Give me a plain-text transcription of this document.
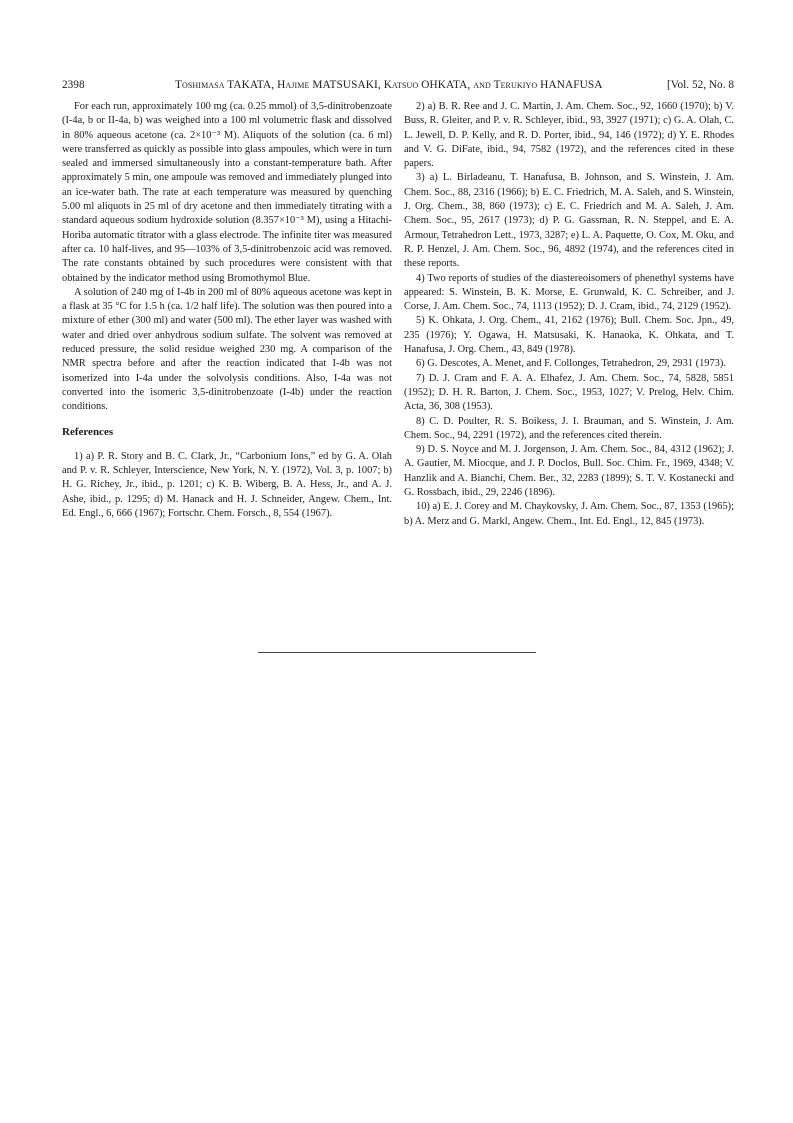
2398	Toshimasa TAKATA, Hajime MATSUSAKI, Katsuo OHKATA, and Terukiyo HANAFUSA	[Vol. 52, No. 8

For each run, approximately 100 mg (ca. 0.25 mmol) of 3,5-dinitrobenzoate (I-4a, b or II-4a, b) was weighed into a 100 ml volumetric flask and dissolved in 80% aqueous acetone (ca. 2×10⁻³ M). Aliquots of the solution (ca. 6 ml) were transferred as quickly as possible into glass ampoules, which were in turn sealed and immersed simultaneously into a constant-temperature bath. After approximately 5 min, one ampoule was removed and immediately plunged into an ice-water bath. The rate at each temperature was measured by quenching 5.00 ml aliquots in 25 ml of dry acetone and then immediately titrating with a standard aqueous sodium hydroxide solution (8.357×10⁻³ M), using a Hitachi-Horiba automatic titrator with a glass electrode. The infinite titer was measured after ca. 10 half-lives, and 95—103% of 3,5-dinitrobenzoic acid was removed. The rate constants obtained by such procedures were consistent with that obtained by the indicator method using Bromothymol Blue.

A solution of 240 mg of I-4b in 200 ml of 80% aqueous acetone was kept in a flask at 35 °C for 1.5 h (ca. 1/2 half life). The solution was then poured into a mixture of ether (300 ml) and water (500 ml). The ether layer was washed with water and dried over anhydrous sodium sulfate. The solvent was removed at reduced pressure, the solid residue weighed 230 mg. A comparison of the NMR spectra before and after the reaction indicated that I-4b was not isomerized into I-4a under the solvolysis conditions. Also, I-4a was not converted into the isomeric 3,5-dinitrobenzoate (I-4b) under the reaction conditions.

References

1) a) P. R. Story and B. C. Clark, Jr., “Carbonium Ions,” ed by G. A. Olah and P. v. R. Schleyer, Interscience, New York, N. Y. (1972), Vol. 3, p. 1007; b) H. G. Richey, Jr., ibid., p. 1201; c) K. B. Wiberg, B. A. Hess, Jr., and A. J. Ashe, ibid., p. 1295; d) M. Hanack and H. J. Schneider, Angew. Chem., Int. Ed. Engl., 6, 666 (1967); Fortschr. Chem. Forsch., 8, 554 (1967).

2) a) B. R. Ree and J. C. Martin, J. Am. Chem. Soc., 92, 1660 (1970); b) V. Buss, R. Gleiter, and P. v. R. Schleyer, ibid., 93, 3927 (1971); c) G. A. Olah, C. L. Jewell, D. P. Kelly, and R. D. Porter, ibid., 94, 146 (1972); d) Y. E. Rhodes and V. G. DiFate, ibid., 94, 7582 (1972), and the references cited in these papers.

3) a) L. Birladeanu, T. Hanafusa, B. Johnson, and S. Winstein, J. Am. Chem. Soc., 88, 2316 (1966); b) E. C. Friedrich, M. A. Saleh, and S. Winstein, J. Org. Chem., 38, 860 (1973); c) E. C. Friedrich and M. A. Saleh, J. Am. Chem. Soc., 95, 2617 (1973); d) P. G. Gassman, R. N. Steppel, and E. A. Armour, Tetrahedron Lett., 1973, 3287; e) L. A. Paquette, O. Cox, M. Oku, and R. P. Henzel, J. Am. Chem. Soc., 96, 4892 (1974), and the references cited in these reports.

4) Two reports of studies of the diastereoisomers of phenethyl systems have appeared: S. Winstein, B. K. Morse, E. Grunwald, K. C. Schreiber, and J. Corse, J. Am. Chem. Soc., 74, 1113 (1952); D. J. Cram, ibid., 74, 2129 (1952).

5) K. Ohkata, J. Org. Chem., 41, 2162 (1976); Bull. Chem. Soc. Jpn., 49, 235 (1976); Y. Ogawa, H. Matsusaki, K. Hanaoka, K. Ohkata, and T. Hanafusa, J. Org. Chem., 43, 849 (1978).

6) G. Descotes, A. Menet, and F. Collonges, Tetrahedron, 29, 2931 (1973).

7) D. J. Cram and F. A. A. Elhafez, J. Am. Chem. Soc., 74, 5828, 5851 (1952); D. H. R. Barton, J. Chem. Soc., 1953, 1027; V. Prelog, Helv. Chim. Acta, 36, 308 (1953).

8) C. D. Poulter, R. S. Boikess, J. I. Brauman, and S. Winstein, J. Am. Chem. Soc., 94, 2291 (1972), and the references cited therein.

9) D. S. Noyce and M. J. Jorgenson, J. Am. Chem. Soc., 84, 4312 (1962); J. A. Gautier, M. Miocque, and J. P. Doclos, Bull. Soc. Chim. Fr., 1969, 4348; V. Hanzlik and A. Bianchi, Chem. Ber., 32, 2283 (1899); S. T. V. Kostanecki and G. Rossbach, ibid., 29, 2246 (1896).

10) a) E. J. Corey and M. Chaykovsky, J. Am. Chem. Soc., 87, 1353 (1965); b) A. Merz and G. Markl, Angew. Chem., Int. Ed. Engl., 12, 845 (1973).
